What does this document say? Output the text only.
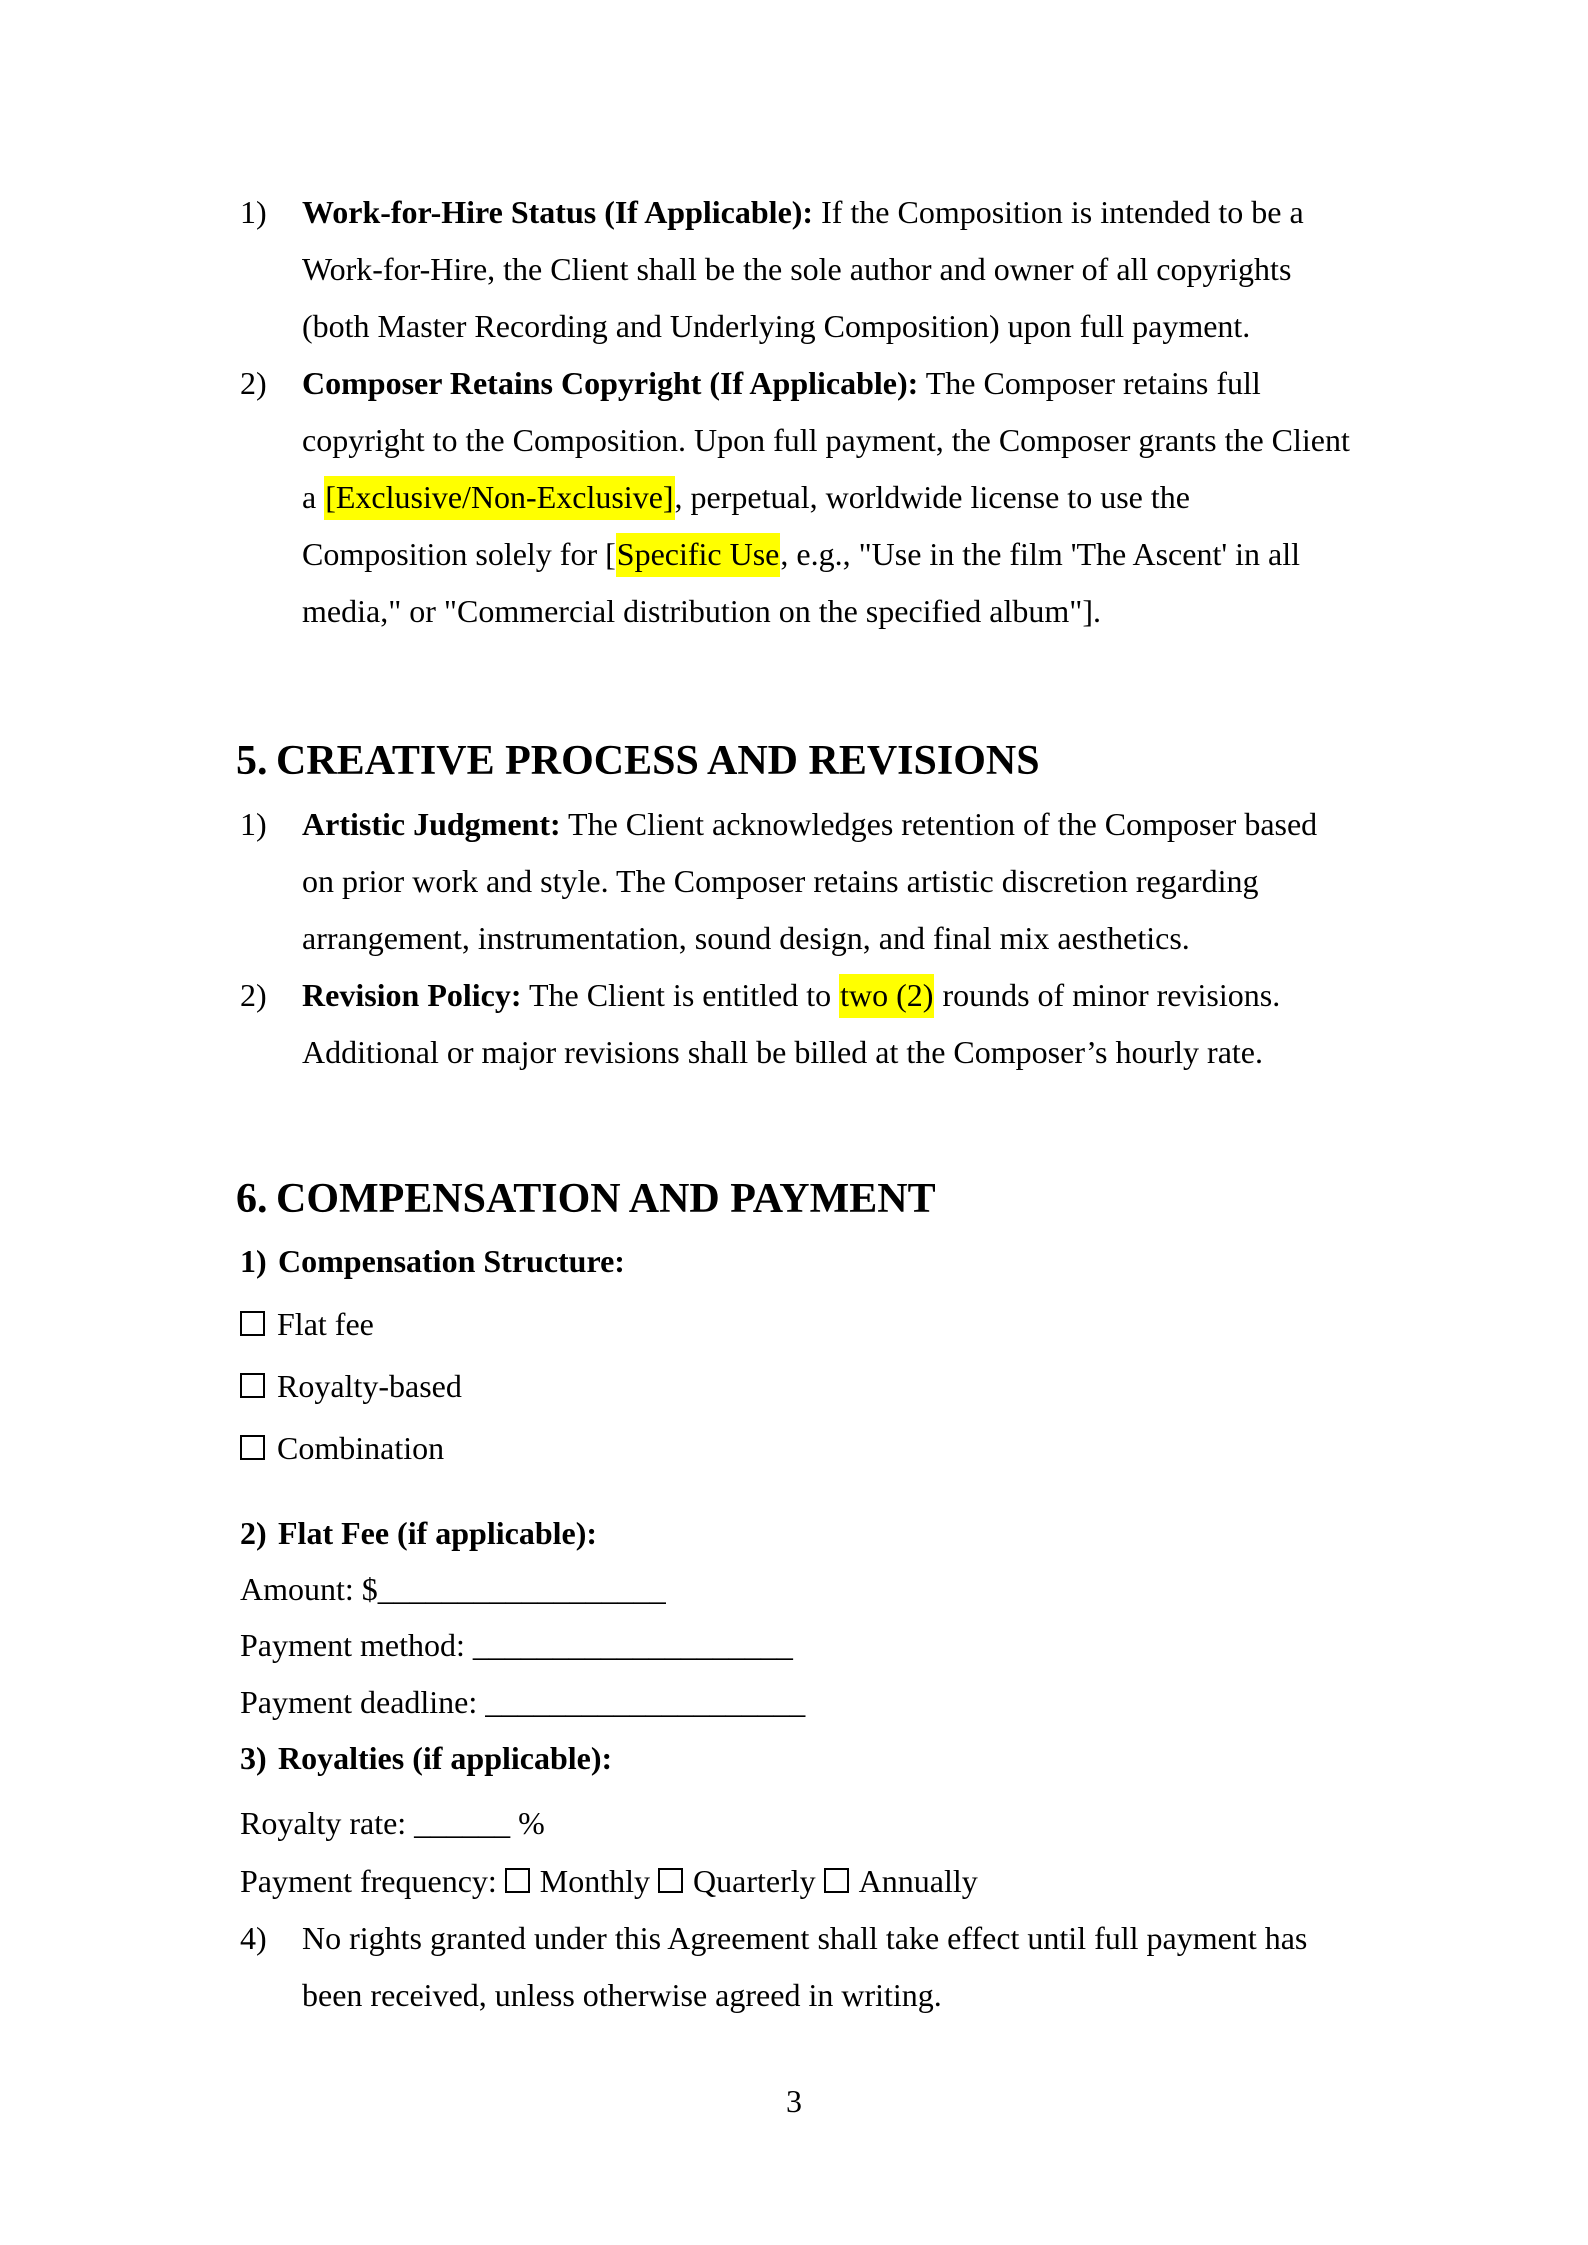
1) Work-for-Hire Status (If Applicable): If the Composition is intended to be a
Work-for-Hire, the Client shall be the sole author and owner of all copyrights
(both Master Recording and Underlying Composition) upon full payment.
2) Composer Retains Copyright (If Applicable): The Composer retains full
copyright to the Composition. Upon full payment, the Composer grants the Client
a [Exclusive/Non-Exclusive], perpetual, worldwide license to use the
Composition solely for [Specific Use, e.g., "Use in the film 'The Ascent' in all
media," or "Commercial distribution on the specified album"].
5. CREATIVE PROCESS AND REVISIONS
1) Artistic Judgment: The Client acknowledges retention of the Composer based
on prior work and style. The Composer retains artistic discretion regarding
arrangement, instrumentation, sound design, and final mix aesthetics.
2) Revision Policy: The Client is entitled to two (2) rounds of minor revisions.
Additional or major revisions shall be billed at the Composer’s hourly rate.
6. COMPENSATION AND PAYMENT
1) Compensation Structure:
Flat fee
Royalty-based
Combination
2) Flat Fee (if applicable):
Amount: $__________________
Payment method: ____________________
Payment deadline: ____________________
3) Royalties (if applicable):
Royalty rate: ______ %
Payment frequency: Monthly Quarterly Annually
4) No rights granted under this Agreement shall take effect until full payment has
been received, unless otherwise agreed in writing.
3
